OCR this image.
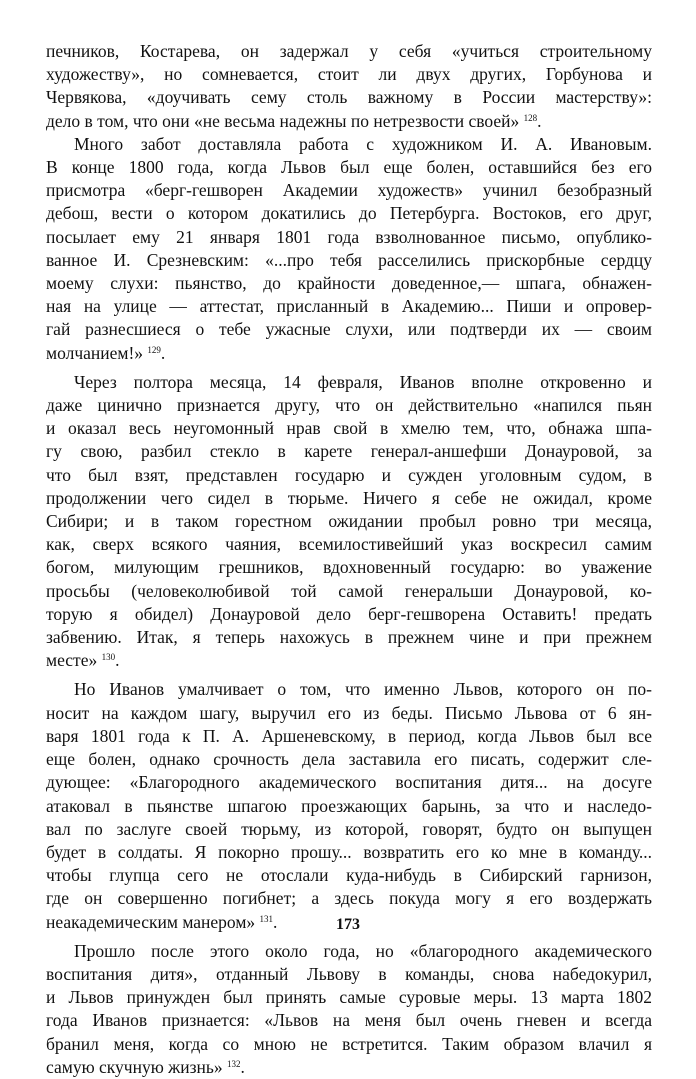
печников, Костарева, он задержал у себя «учиться строительному
художеству», но сомневается, стоит ли двух других, Горбунова и
Червякова, «доучивать сему столь важному в России мастерству»:
дело в том, что они «не весьма надежны по нетрезвости своей» $^{128}$.

Много забот доставляла работа с художником И. А. Ивановым.
В конце 1800 года, когда Львов был еще болен, оставшийся без его
присмотра «берг-гешворен Академии художеств» учинил безобразный
дебош, вести о котором докатились до Петербурга. Востоков, его друг,
посылает ему 21 января 1801 года взволнованное письмо, опублико-
ванное И. Срезневским: «...про тебя расселились прискорбные сердцу
моему слухи: пьянство, до крайности доведенное,— шпага, обнажен-
ная на улице — аттестат, присланный в Академию... Пиши и опровер-
гай разнесшиеся о тебе ужасные слухи, или подтверди их — своим
молчанием!» $^{129}$.

Через полтора месяца, 14 февраля, Иванов вполне откровенно и
даже цинично признается другу, что он действительно «напился пьян
и оказал весь неугомонный нрав свой в хмелю тем, что, обнажа шпа-
гу свою, разбил стекло в карете генерал-аншефши Донауровой, за
что был взят, представлен государю и сужден уголовным судом, в
продолжении чего сидел в тюрьме. Ничего я себе не ожидал, кроме
Сибири; и в таком горестном ожидании пробыл ровно три месяца,
как, сверх всякого чаяния, всемилостивейший указ воскресил самим
богом, милующим грешников, вдохновенный государю: во уважение
просьбы (человеколюбивой той самой генеральши Донауровой, ко-
торую я обидел) Донауровой дело берг-гешворена Оставить! предать
забвению. Итак, я теперь нахожусь в прежнем чине и при прежнем
месте» $^{130}$.

Но Иванов умалчивает о том, что именно Львов, которого он по-
носит на каждом шагу, выручил его из беды. Письмо Львова от 6 ян-
варя 1801 года к П. А. Аршеневскому, в период, когда Львов был все
еще болен, однако срочность дела заставила его писать, содержит сле-
дующее: «Благородного академического воспитания дитя... на досуге
атаковал в пьянстве шпагою проезжающих барынь, за что и наследо-
вал по заслуге своей тюрьму, из которой, говорят, будто он выпущен
будет в солдаты. Я покорно прошу... возвратить его ко мне в команду...
чтобы глупца сего не отослали куда-нибудь в Сибирский гарнизон,
где он совершенно погибнет; а здесь покуда могу я его воздержать
неакадемическим манером» $^{131}$.

Прошло после этого около года, но «благородного академического
воспитания дитя», отданный Львову в команды, снова набедокурил,
и Львов принужден был принять самые суровые меры. 13 марта 1802
года Иванов признается: «Львов на меня был очень гневен и всегда
бранил меня, когда со мною не встретится. Таким образом влачил я
самую скучную жизнь» $^{132}$.

173
